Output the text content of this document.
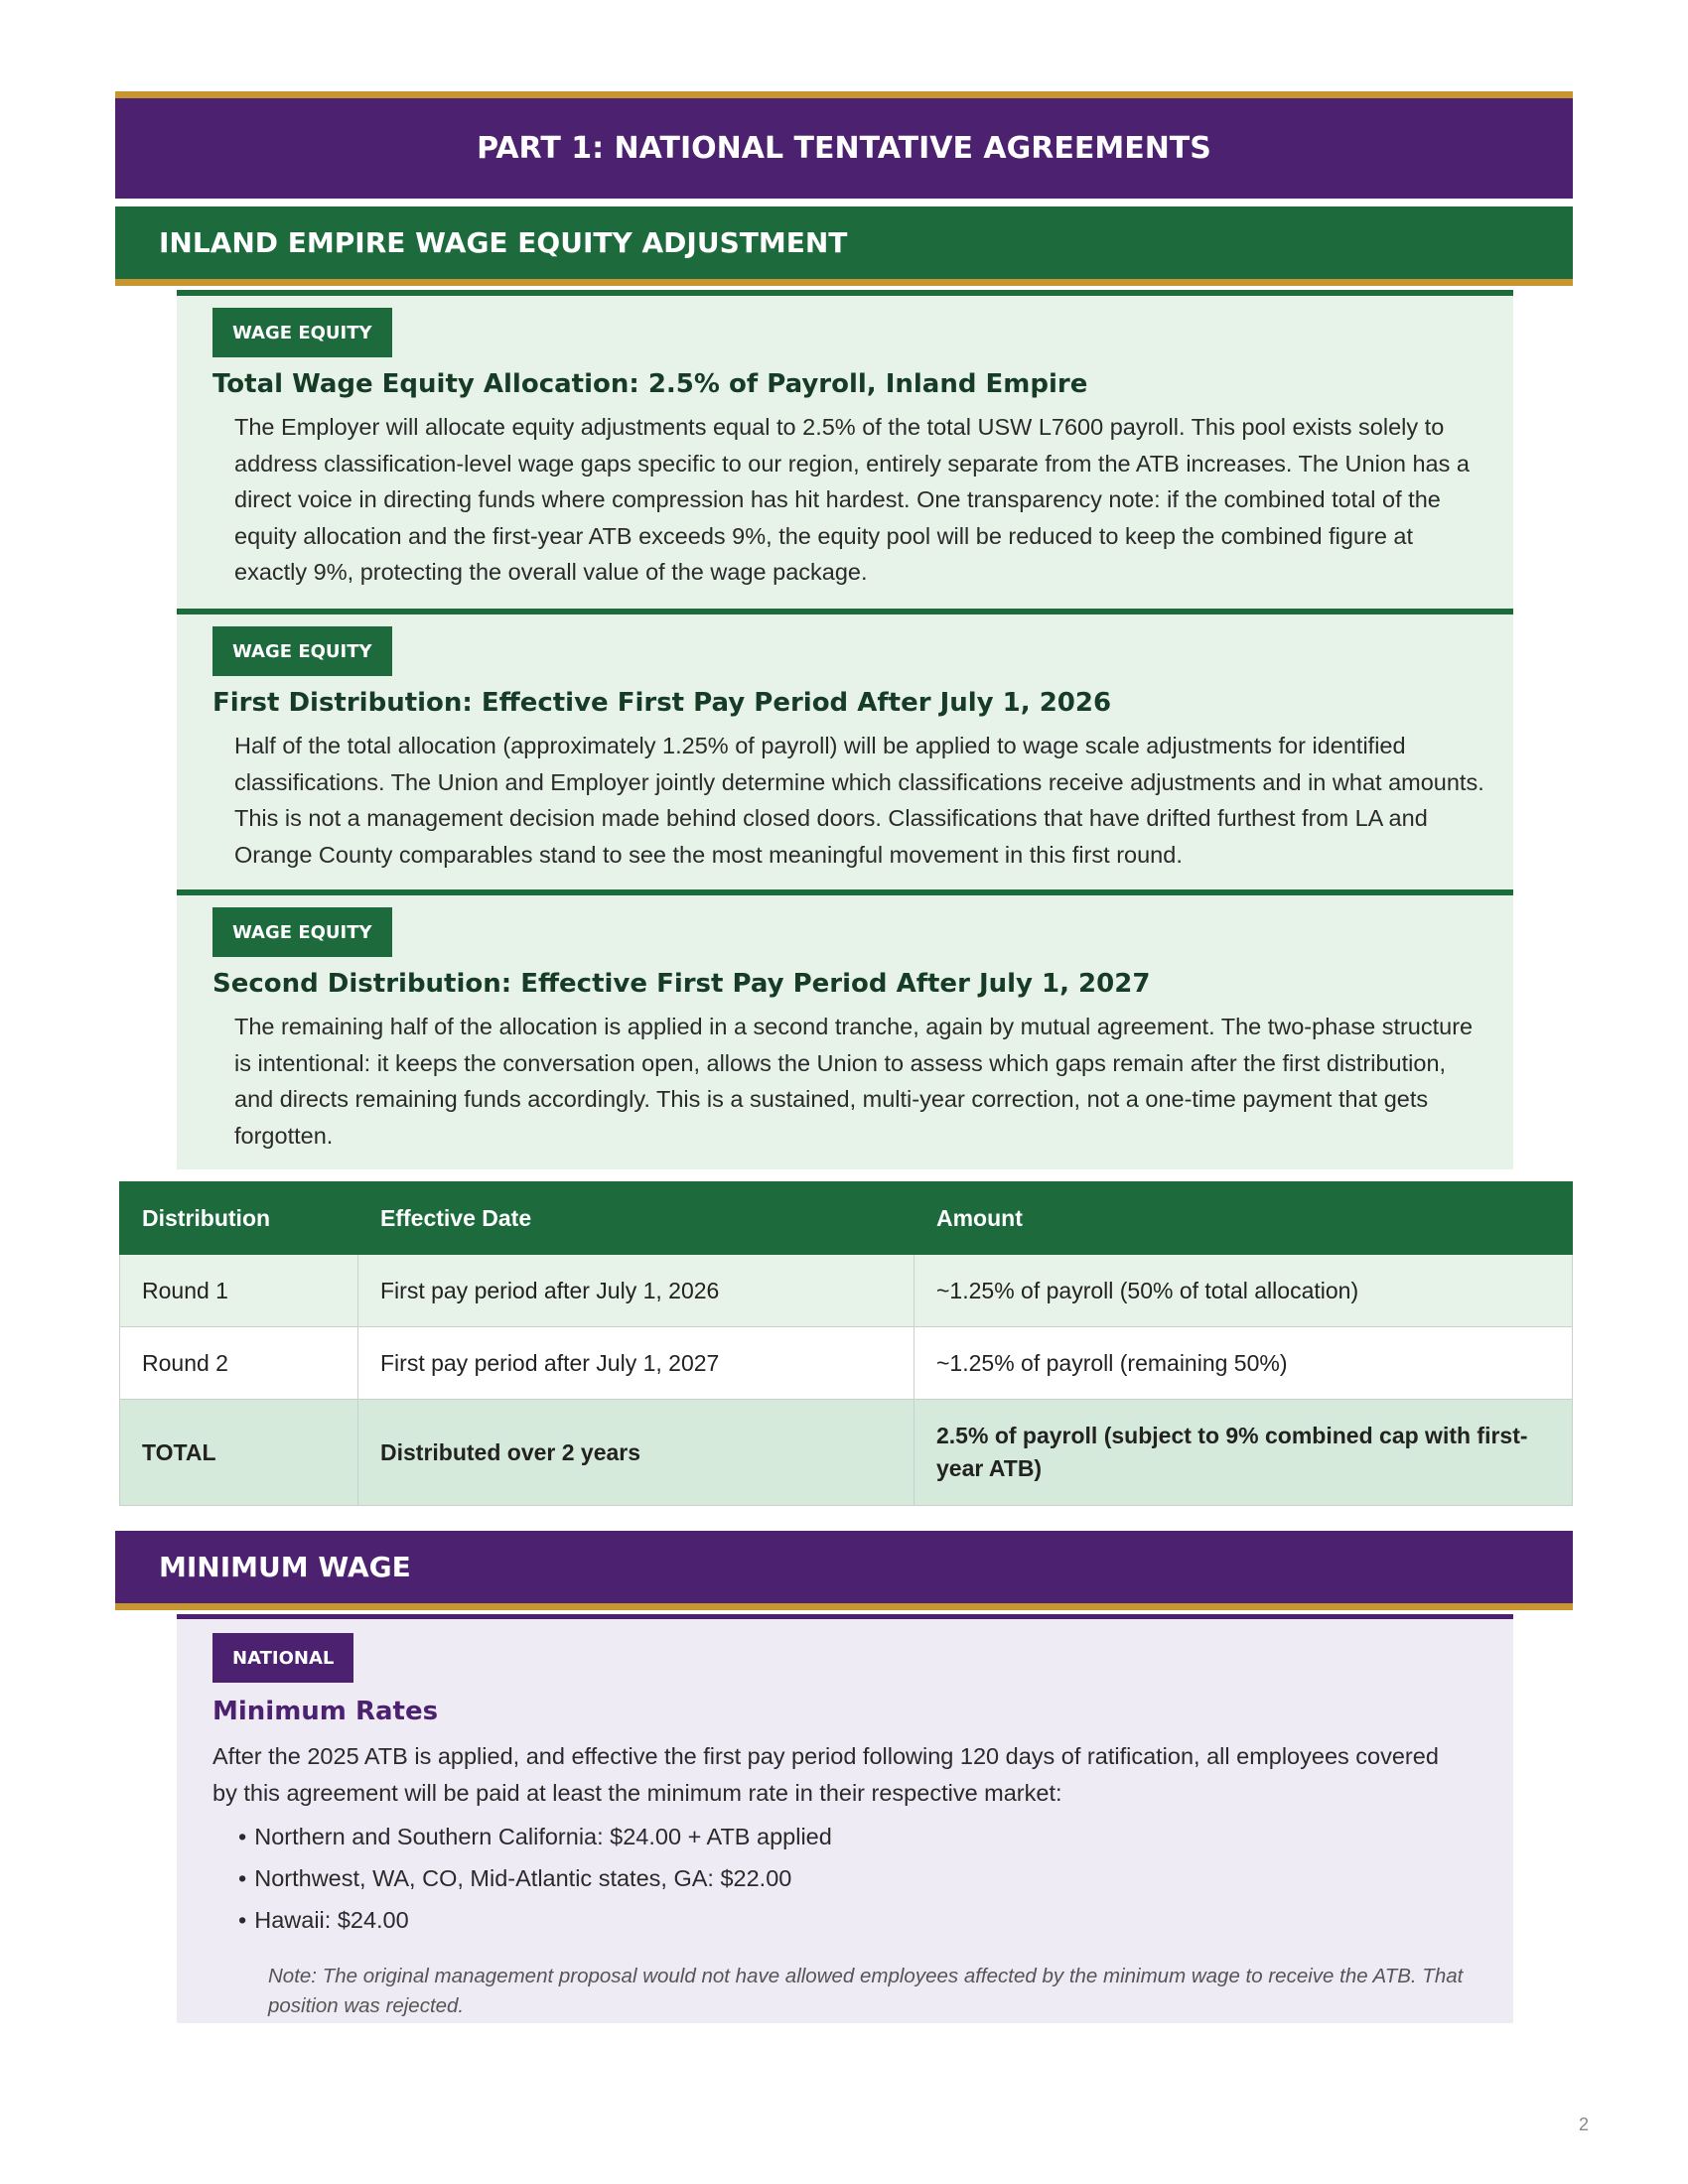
PART 1: NATIONAL TENTATIVE AGREEMENTS
INLAND EMPIRE WAGE EQUITY ADJUSTMENT
WAGE EQUITY
Total Wage Equity Allocation: 2.5% of Payroll, Inland Empire

The Employer will allocate equity adjustments equal to 2.5% of the total USW L7600 payroll. This pool exists solely to address classification-level wage gaps specific to our region, entirely separate from the ATB increases. The Union has a direct voice in directing funds where compression has hit hardest. One transparency note: if the combined total of the equity allocation and the first-year ATB exceeds 9%, the equity pool will be reduced to keep the combined figure at exactly 9%, protecting the overall value of the wage package.

WAGE EQUITY
First Distribution: Effective First Pay Period After July 1, 2026

Half of the total allocation (approximately 1.25% of payroll) will be applied to wage scale adjustments for identified classifications. The Union and Employer jointly determine which classifications receive adjustments and in what amounts. This is not a management decision made behind closed doors. Classifications that have drifted furthest from LA and Orange County comparables stand to see the most meaningful movement in this first round.

WAGE EQUITY
Second Distribution: Effective First Pay Period After July 1, 2027

The remaining half of the allocation is applied in a second tranche, again by mutual agreement. The two-phase structure is intentional: it keeps the conversation open, allows the Union to assess which gaps remain after the first distribution, and directs remaining funds accordingly. This is a sustained, multi-year correction, not a one-time payment that gets forgotten.

Distribution	Effective Date	Amount
Round 1	First pay period after July 1, 2026	~1.25% of payroll (50% of total allocation)
Round 2	First pay period after July 1, 2027	~1.25% of payroll (remaining 50%)
TOTAL	Distributed over 2 years	2.5% of payroll (subject to 9% combined cap with first-year ATB)
MINIMUM WAGE
NATIONAL
Minimum Rates

After the 2025 ATB is applied, and effective the first pay period following 120 days of ratification, all employees covered by this agreement will be paid at least the minimum rate in their respective market:

• Northern and Southern California: $24.00 + ATB applied
• Northwest, WA, CO, Mid-Atlantic states, GA: $22.00
• Hawaii: $24.00

Note: The original management proposal would not have allowed employees affected by the minimum wage to receive the ATB. That position was rejected.

2
